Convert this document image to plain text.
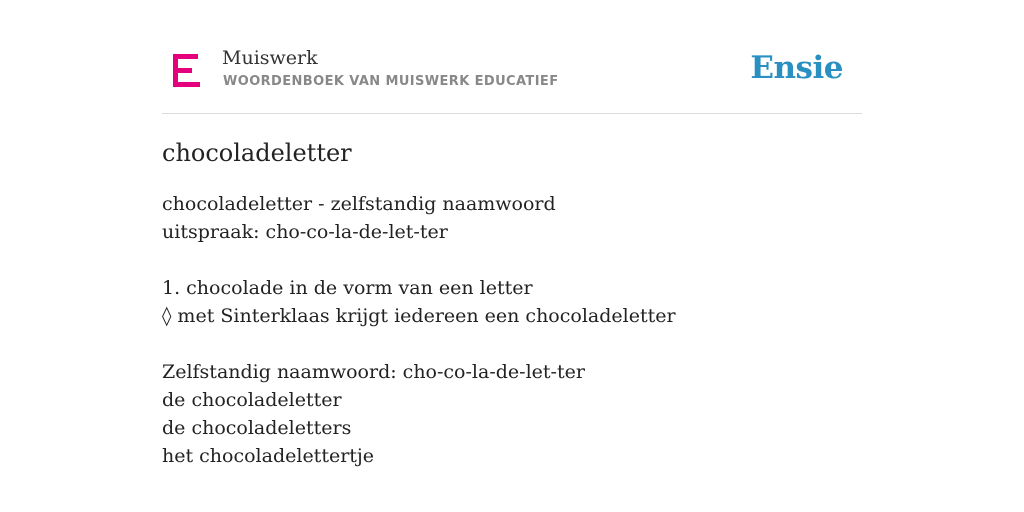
Muiswerk
WOORDENBOEK VAN MUISWERK EDUCATIEF	Ensie
chocoladeletter
chocoladeletter - zelfstandig naamwoord
uitspraak: cho-co-la-de-let-ter
1. chocolade in de vorm van een letter
◊ met Sinterklaas krijgt iedereen een chocoladeletter
Zelfstandig naamwoord: cho-co-la-de-let-ter
de chocoladeletter
de chocoladeletters
het chocoladelettertje
